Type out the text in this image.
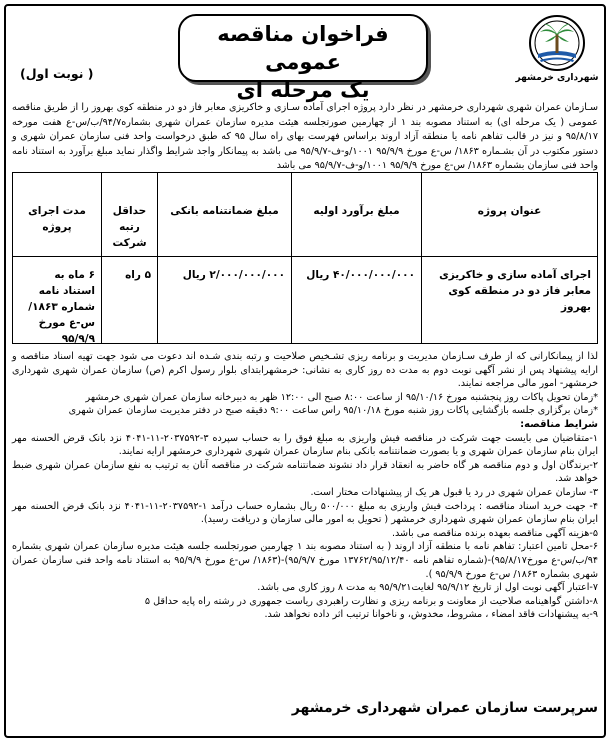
شهرداری خرمشهر
فراخوان مناقصه عمومی
یک مرحله ای
( نوبت اول)
سـازمان عمران شهری شهرداری خرمشهر در نظر دارد پروژه اجرای آماده سـازی و خاکریزی معابر فاز دو در منطقه کوی بهروز را از طریق مناقصه عمومی ( یک مرحله ای) به استناد مصوبه بند ۱ از چهارمین صورتجلسه هیئت مدیره سازمان عمران شهری بشماره۹۴/۷/ب/س-ع هفت مورخه ۹۵/۸/۱۷ و نیز در قالب تفاهم نامه یا منطقه آزاد اروند براساس فهرست بهای راه سال ۹۵ که طبق درخواست واحد فنی سازمان عمران شهری و دستور مکتوب در آن بشـماره ۱۸۶۳/ س-ع مورخ ۹۵/۹/۹ ۱۰۰۱/و-ف-۹۵/۹/۷ می باشد به پیمانکار واجد شرایط واگذار نماید مبلغ برآورد به استناد نامه واحد فنی سازمان بشماره ۱۸۶۳/ س-ع مورخ ۹۵/۹/۹ ۱۰۰۱/و-ف-۹۵/۹/۷ می باشد
عنوان پروژه
مبلغ برآورد اولیه
مبلغ ضمانتنامه بانکی
حداقل رتبه شرکت
مدت اجرای پروژه
اجرای آماده سازی و خاکریزی معابر فاز دو در منطقه کوی بهروز
۴۰/۰۰۰/۰۰۰/۰۰۰ ریال
۲/۰۰۰/۰۰۰/۰۰۰ ریال
۵ راه
۶ ماه به استناد نامه شماره ۱۸۶۳/ س-ع مورخ ۹۵/۹/۹

لذا از پیمانکارانی که از طرف سـازمان مدیریت و برنامه ریزی تشـخیص صلاحیت و رتبه بندی شـده اند دعوت می شود جهت تهیه اسناد مناقصه و ارایه پیشنهاد پس از نشر آگهی نوبت دوم به مدت ده روز کاری به نشانی: خرمشهرابتدای بلوار رسول اکرم (ص) سازمان عمران شهری شهرداری خرمشهر- امور مالی مراجعه نمایند.

*زمان تحویل پاکات روز پنجشنبه مورخ ۹۵/۱۰/۱۶ از ساعت ۸:۰۰ صبح الی ۱۲:۰۰ ظهر به دبیرخانه سازمان عمران شهری خرمشهر

*زمان برگزاری جلسه بازگشایی پاکات روز شنبه مورخ ۹۵/۱۰/۱۸ راس ساعت ۹:۰۰ دقیقه صبح در دفتر مدیریت سازمان عمران شهری

شرایط مناقصه:

۱-متقاضیان می بایست جهت شرکت در مناقصه فیش واریزی به مبلغ فوق را به حساب سپرده ۳-۲۰۳۷۵۹۲-۱۱-۴۰۴۱ نزد بانک قرض الحسنه مهر ایران بنام سازمان عمران شهری و یا بصورت ضمانتنامه بانکی بنام سازمان عمران شهری شهرداری خرمشهر ارایه نمایند.

۲-برندگان اول و دوم مناقصه هر گاه حاضر به انعقاد قرار داد نشوند ضمانتنامه شرکت در مناقصه آنان به ترتیب به نفع سازمان عمران شهری ضبط خواهد شد.

۳- سازمان عمران شهری در رد یا قبول هر یک از پیشنهادات مختار است.

۴- جهت خرید اسناد مناقصه : پرداخت فیش واریزی به مبلغ ۵۰۰/۰۰۰ ریال بشماره حساب درآمد ۱-۲۰۳۷۵۹۲-۱۱-۴۰۴۱ نزد بانک قرض الحسنه مهر ایران بنام سازمان عمران شهری شهرداری خرمشهر ( تحویل به امور مالی سازمان و دریافت رسید).

۵-هزینه آگهی مناقصه بعهده برنده مناقصه می باشد.

۶-محل تامین اعتبار: تفاهم نامه با منطقه آزاد اروند ( به استناد مصوبه بند ۱ چهارمین صورتجلسه جلسه هیئت مدیره سازمان عمران شهری بشماره ۹۴/ب/س-ع مورخ۹۵/۸/۱۷)-(شماره تفاهم نامه ۱۳۷۶۲/۹۵/۱۲/۴۰ مورخ ۹۵/۹/۷)-(۱۸۶۳/ س-ع مورخ ۹۵/۹/۹ به استناد نامه واحد فنی سازمان عمران شهری بشماره ۱۸۶۳/ س-ع مورخ ۹۵/۹/۹ ).

۷-اعتبار آگهی نوبت اول از تاریخ ۹۵/۹/۱۲ لغایت۹۵/۹/۲۱ به مدت ۸ روز کاری می باشد.

۸-داشتن گواهینامه صلاحیت از معاونت و برنامه ریزی و نظارت راهبردی ریاست جمهوری در رشته راه پایه حداقل ۵

۹-به پیشنهادات فاقد امضاء ، مشروط، مخدوش، و ناخوانا ترتیب اثر داده نخواهد شد.

سرپرست سازمان عمران شهرداری خرمشهر
